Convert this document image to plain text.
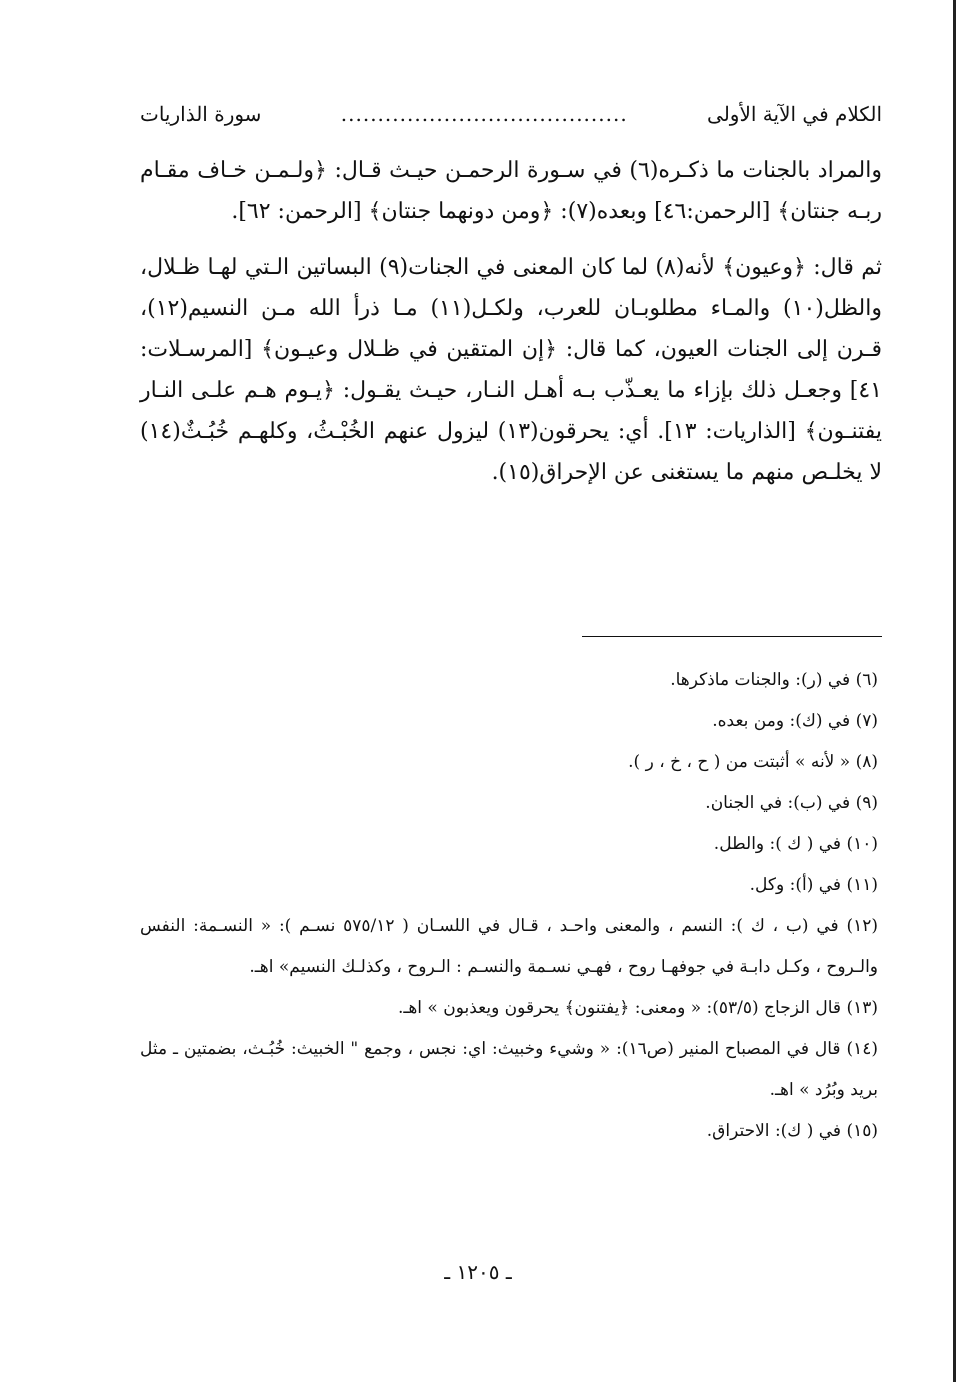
الكلام في الآية الأولى
.......................................
سورة الذاريات

والمراد بالجنات ما ذكـره(٦) في سـورة الرحمـن حيـث قـال: ﴿ولـمـن خـاف مقـام ربـه جنتان﴾ [الرحمن:٤٦] وبعده(٧): ﴿ومن دونهما جنتان﴾ [الرحمن: ٦٢].

ثم قال: ﴿وعيون﴾ لأنه(٨) لما كان المعنى في الجنات(٩) البساتين الـتي لهـا ظـلال، والظل(١٠) والمـاء مطلوبـان للعرب، ولكـل(١١) مـا ذرأ الله مـن النسيم(١٢)، قـرن إلى الجنات العيون، كما قال: ﴿إن المتقين في ظـلال وعيـون﴾ [المرسـلات: ٤١] وجعـل ذلك بإزاء ما يعـذّب بـه أهـل النـار، حيـث يقـول: ﴿يـوم هـم علـى النـار يفتنـون﴾ [الذاريات: ١٣]. أي: يحرقون(١٣) ليزول عنهم الخُبْـثُ، وكلهـم خُبُـثٌ(١٤) لا يخلـص منهم ما يستغنى عن الإحراق(١٥).

(٦) في (ر): والجنات ماذكرها.

(٧) في (ك): ومن بعده.

(٨) « لأنه » أثبتت من ( ح ، خ ، ر ).

(٩) في (ب): في الجنان.

(١٠) في ( ك ): والطل.

(١١) في (أ): وكل.

(١٢) في (ب ، ك ): النسم ، والمعنى واحـد ، قـال في اللسـان ( ٥٧٥/١٢ نسـم ): « النسـمة: النفس والـروح ، وكـل دابـة في جوفهـا روح ، فهـي نسـمة والنسـم : الـروح ، وكذلـك النسيم» اهـ.

(١٣) قال الزجاج (٥٣/٥): « ومعنى: ﴿يفتنون﴾ يحرقون ويعذبون » اهـ.

(١٤) قال في المصباح المنير (ص١٦): « وشيء وخبيث: اي: نجس ، وجمع " الخبيث: خُبُـث، بضمتين ـ مثل بريد وبُرُد » اهـ.

(١٥) في ( ك): الاحتراق.

ـ ١٢٠٥ ـ
